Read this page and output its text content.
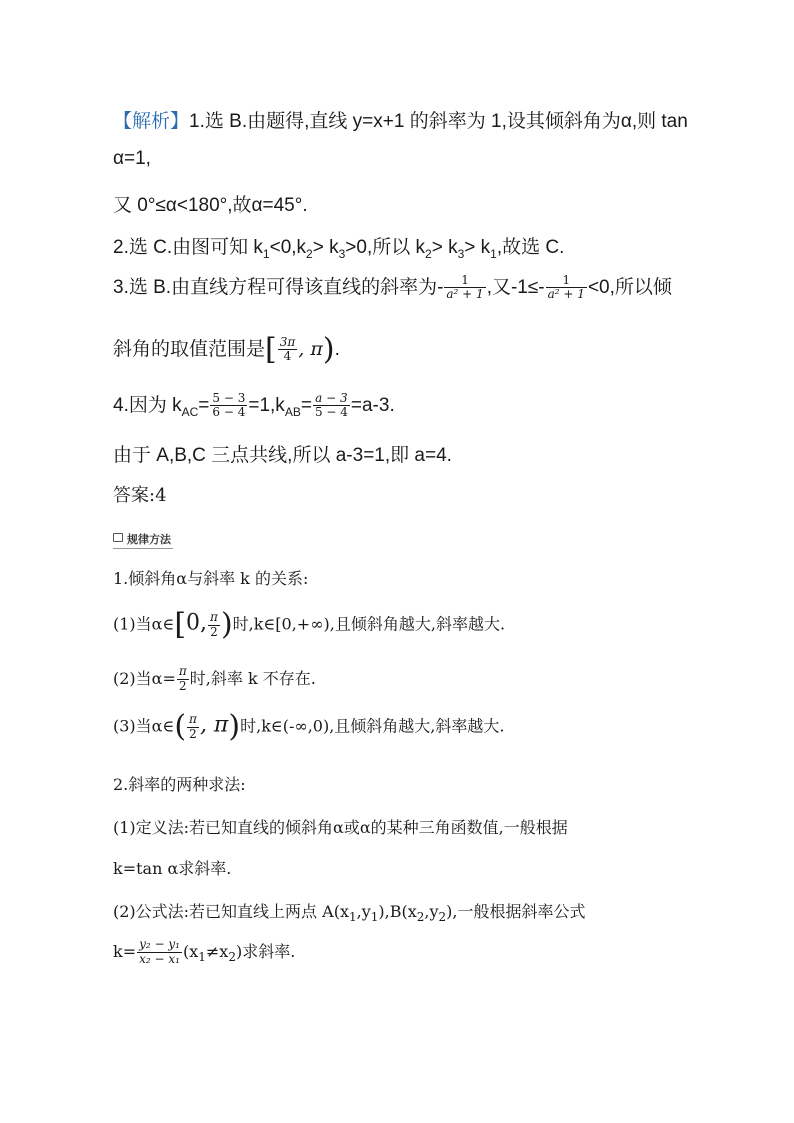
【解析】1.选 B.由题得,直线 y=x+1 的斜率为 1,设其倾斜角为α,则 tan
α=1,
又 0°≤α<180°,故α=45°.
2.选 C.由图可知 $k_1<0,k_2> k_3>0$,所以 $k_2> k_3> k_1$,故选 C.
3.选 B.由直线方程可得该直线的斜率为- $\frac{1}{\text{a² + 1}}$ ,又$-1\le- \frac{1}{\text{a² + 1}} <0$,所以倾
斜角的取值范围是[ $\frac{3\pi}{4}$ , π).
4.因为 $k_{AC}= \frac{5 - 3}{6 - 4} =1,k_{AB}= \frac{a - 3}{5 - 4} =a-3$.
由于 A,B,C 三点共线,所以 a-3=1,即 a=4.
答案:4
规律方法
1.倾斜角α与斜率 k 的关系:
(1)当α∈[0, $\frac{\pi}{2}$ )时,k∈[0,+∞),且倾斜角越大,斜率越大.
(2)当$\alpha= \frac{\pi}{2}$ 时,斜率 k 不存在.
(3)当α∈( $\frac{\pi}{2}$ , π)时,k∈(-∞,0),且倾斜角越大,斜率越大.
2.斜率的两种求法:
(1)定义法:若已知直线的倾斜角α或α的某种三角函数值,一般根据
k=tan α求斜率.
(2)公式法:若已知直线上两点 $A(x_1,y_1),B(x_2,y_2)$,一般根据斜率公式
$k= \frac{\text{y₂ − y₁}}{\text{x₂ − x₁}} (x_1\ne x_2)$求斜率.
